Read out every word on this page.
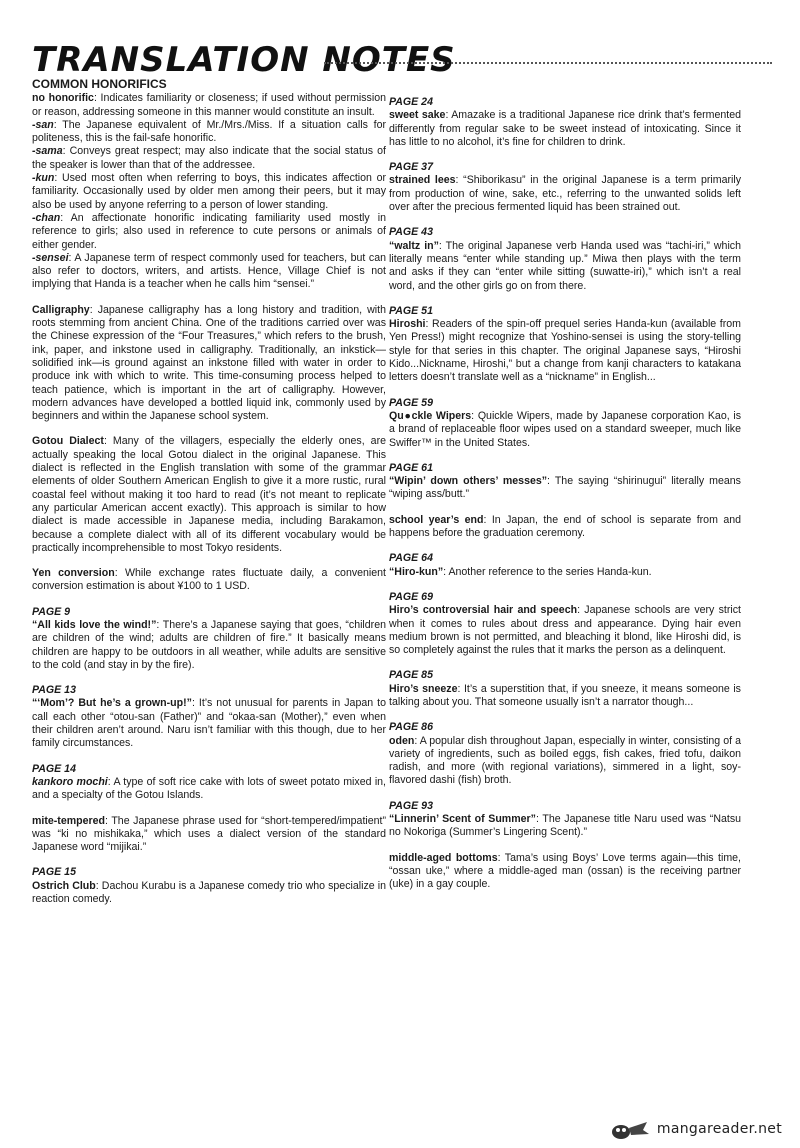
TRANSLATION NOTES
COMMON HONORIFICS
no honorific: Indicates familiarity or closeness; if used without permission or reason, addressing someone in this manner would constitute an insult.
-san: The Japanese equivalent of Mr./Mrs./Miss. If a situation calls for politeness, this is the fail-safe honorific.
-sama: Conveys great respect; may also indicate that the social status of the speaker is lower than that of the addressee.
-kun: Used most often when referring to boys, this indicates affection or familiarity. Occasionally used by older men among their peers, but it may also be used by anyone referring to a person of lower standing.
-chan: An affectionate honorific indicating familiarity used mostly in reference to girls; also used in reference to cute persons or animals of either gender.
-sensei: A Japanese term of respect commonly used for teachers, but can also refer to doctors, writers, and artists. Hence, Village Chief is not implying that Handa is a teacher when he calls him “sensei.”
Calligraphy: Japanese calligraphy has a long history and tradition, with roots stemming from ancient China. One of the traditions carried over was the Chinese expression of the “Four Treasures,” which refers to the brush, ink, paper, and inkstone used in calligraphy. Traditionally, an inkstick—solidified ink—is ground against an inkstone filled with water in order to produce ink with which to write. This time-consuming process helped to teach patience, which is important in the art of calligraphy. However, modern advances have developed a bottled liquid ink, commonly used by beginners and within the Japanese school system.
Gotou Dialect: Many of the villagers, especially the elderly ones, are actually speaking the local Gotou dialect in the original Japanese. This dialect is reflected in the English translation with some of the grammar elements of older Southern American English to give it a more rustic, rural coastal feel without making it too hard to read (it’s not meant to replicate any particular American accent exactly). This approach is similar to how dialect is made accessible in Japanese media, including Barakamon, because a complete dialect with all of its different vocabulary would be practically incomprehensible to most Tokyo residents.
Yen conversion: While exchange rates fluctuate daily, a convenient conversion estimation is about ¥100 to 1 USD.
PAGE 9
“All kids love the wind!”: There’s a Japanese saying that goes, “children are children of the wind; adults are children of fire.” It basically means children are happy to be outdoors in all weather, while adults are sensitive to the cold (and stay in by the fire).
PAGE 13
“‘Mom’? But he’s a grown-up!”: It’s not unusual for parents in Japan to call each other “otou-san (Father)” and “okaa-san (Mother),” even when their children aren’t around. Naru isn’t familiar with this though, due to her family circumstances.
PAGE 14
kankoro mochi: A type of soft rice cake with lots of sweet potato mixed in, and a specialty of the Gotou Islands.
mite-tempered: The Japanese phrase used for “short-tempered/impatient” was “ki no mishikaka,” which uses a dialect version of the standard Japanese word “mijikai.”
PAGE 15
Ostrich Club: Dachou Kurabu is a Japanese comedy trio who specialize in reaction comedy.
PAGE 24
sweet sake: Amazake is a traditional Japanese rice drink that’s fermented differently from regular sake to be sweet instead of intoxicating. Since it has little to no alcohol, it’s fine for children to drink.
PAGE 37
strained lees: “Shiborikasu” in the original Japanese is a term primarily from production of wine, sake, etc., referring to the unwanted solids left over after the precious fermented liquid has been strained out.
PAGE 43
“waltz in”: The original Japanese verb Handa used was “tachi-iri,” which literally means “enter while standing up.” Miwa then plays with the term and asks if they can “enter while sitting (suwatte-iri),” which isn’t a real word, and the other girls go on from there.
PAGE 51
Hiroshi: Readers of the spin-off prequel series Handa-kun (available from Yen Press!) might recognize that Yoshino-sensei is using the story-telling style for that series in this chapter. The original Japanese says, “Hiroshi Kido...Nickname, Hiroshi,” but a change from kanji characters to katakana letters doesn’t translate well as a “nickname” in English...
PAGE 59
Qu●ckle Wipers: Quickle Wipers, made by Japanese corporation Kao, is a brand of replaceable floor wipes used on a standard sweeper, much like Swiffer™ in the United States.
PAGE 61
“Wipin’ down others’ messes”: The saying “shirinugui” literally means “wiping ass/butt.”
school year’s end: In Japan, the end of school is separate from and happens before the graduation ceremony.
PAGE 64
“Hiro-kun”: Another reference to the series Handa-kun.
PAGE 69
Hiro’s controversial hair and speech: Japanese schools are very strict when it comes to rules about dress and appearance. Dying hair even medium brown is not permitted, and bleaching it blond, like Hiroshi did, is so completely against the rules that it marks the person as a delinquent.
PAGE 85
Hiro’s sneeze: It’s a superstition that, if you sneeze, it means someone is talking about you. That someone usually isn’t a narrator though...
PAGE 86
oden: A popular dish throughout Japan, especially in winter, consisting of a variety of ingredients, such as boiled eggs, fish cakes, fried tofu, daikon radish, and more (with regional variations), simmered in a light, soy-flavored dashi (fish) broth.
PAGE 93
“Linnerin’ Scent of Summer”: The Japanese title Naru used was “Natsu no Nokoriga (Summer’s Lingering Scent).”
middle-aged bottoms: Tama’s using Boys’ Love terms again—this time, “ossan uke,” where a middle-aged man (ossan) is the receiving partner (uke) in a gay couple.
mangareader.net
